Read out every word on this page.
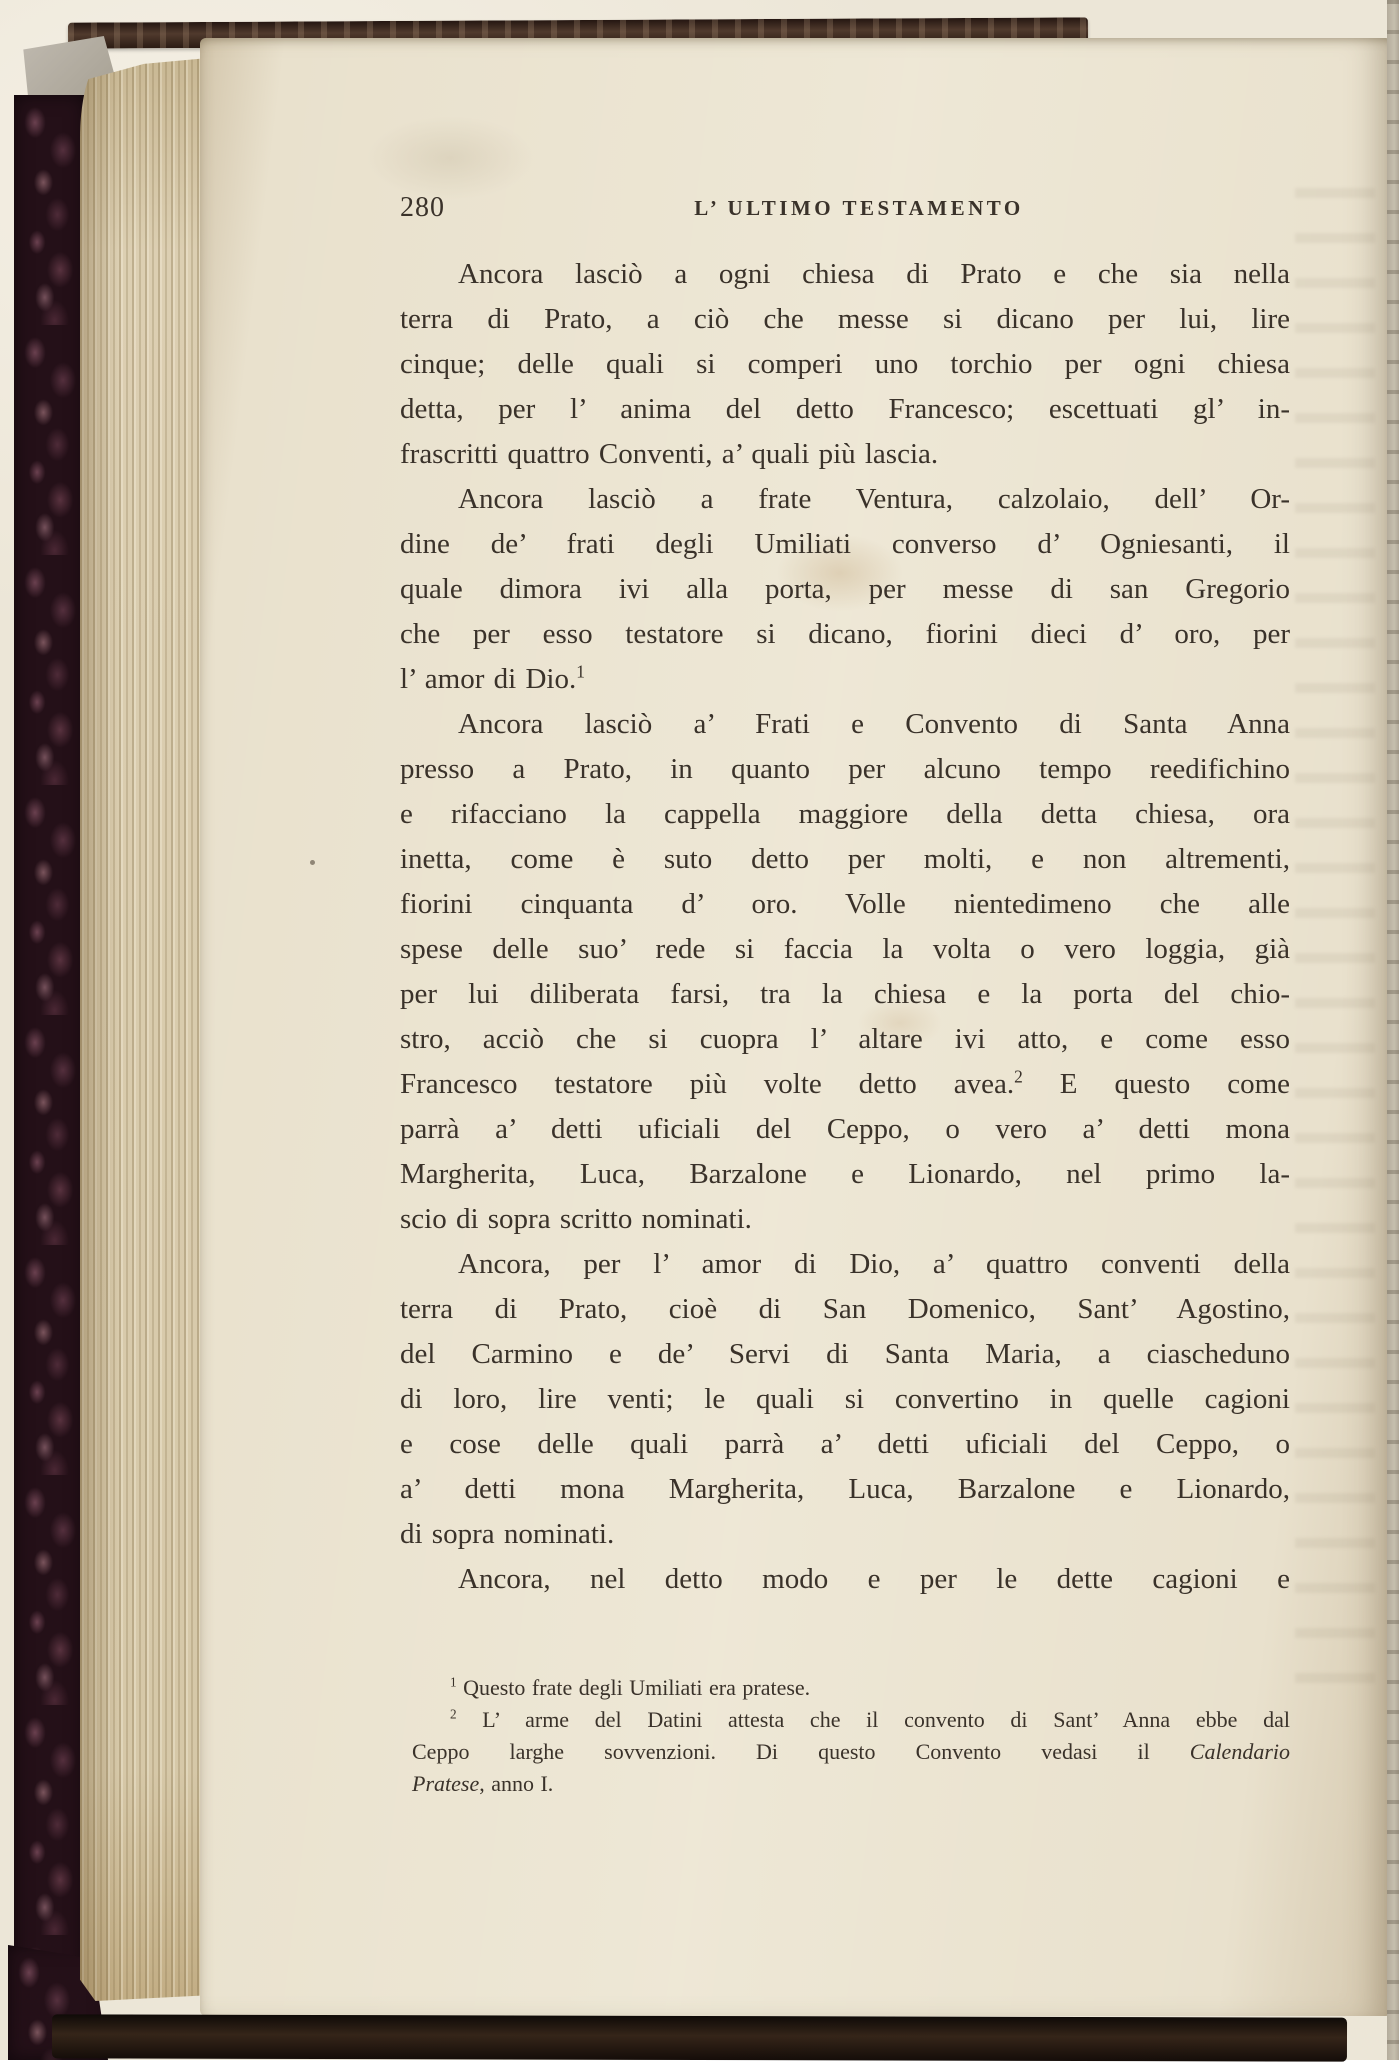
280	L’ ULTIMO TESTAMENTO
Ancora lasciò a ogni chiesa di Prato e che sia nella
terra di Prato, a ciò che messe si dicano per lui, lire
cinque; delle quali si comperi uno torchio per ogni chiesa
detta, per l’ anima del detto Francesco; escettuati gl’ in-
frascritti quattro Conventi, a’ quali più lascia.
Ancora lasciò a frate Ventura, calzolaio, dell’ Or-
dine de’ frati degli Umiliati converso d’ Ogniesanti, il
quale dimora ivi alla porta, per messe di san Gregorio
che per esso testatore si dicano, fiorini dieci d’ oro, per
l’ amor di Dio.$^1$
Ancora lasciò a’ Frati e Convento di Santa Anna
presso a Prato, in quanto per alcuno tempo reedifichino
e rifacciano la cappella maggiore della detta chiesa, ora
inetta, come è suto detto per molti, e non altrementi,
fiorini cinquanta d’ oro. Volle nientedimeno che alle
spese delle suo’ rede si faccia la volta o vero loggia, già
per lui diliberata farsi, tra la chiesa e la porta del chio-
stro, acciò che si cuopra l’ altare ivi atto, e come esso
Francesco testatore più volte detto avea.$^2$ E questo come
parrà a’ detti uficiali del Ceppo, o vero a’ detti mona
Margherita, Luca, Barzalone e Lionardo, nel primo la-
scio di sopra scritto nominati.
Ancora, per l’ amor di Dio, a’ quattro conventi della
terra di Prato, cioè di San Domenico, Sant’ Agostino,
del Carmino e de’ Servi di Santa Maria, a ciascheduno
di loro, lire venti; le quali si convertino in quelle cagioni
e cose delle quali parrà a’ detti uficiali del Ceppo, o
a’ detti mona Margherita, Luca, Barzalone e Lionardo,
di sopra nominati.
Ancora, nel detto modo e per le dette cagioni e
$^1$ Questo frate degli Umiliati era pratese.
$^2$ L’ arme del Datini attesta che il convento di Sant’ Anna ebbe dal
Ceppo larghe sovvenzioni. Di questo Convento vedasi il Calendario
Pratese, anno I.
